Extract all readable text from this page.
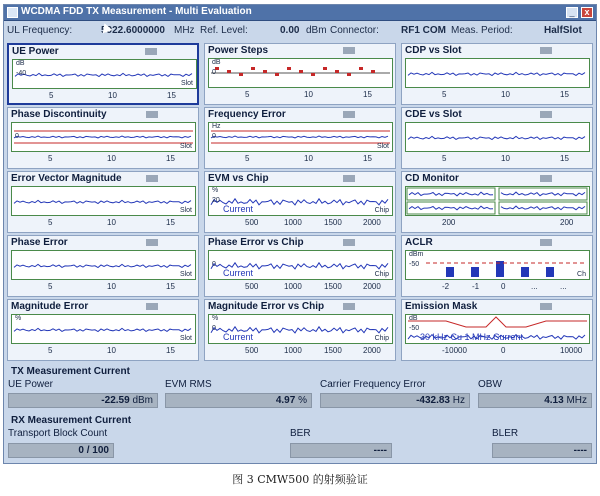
WCDMA FDD TX Measurement - Multi Evaluation	_	x
UL Frequency:	5922.6000000 MHz Ref. Level:	0.00 dBm Connector: RF1 COM Meas. Period:	HalfSlot
UE Power
dB
-40
Slot
5	10	15
Power Steps
dB
0
5	10	15
CDP vs Slot
5	10	15
Phase Discontinuity
0
Slot
5	10	15
Frequency Error
Hz
0
Slot
5	10	15
CDE vs Slot
5	10	15
Error Vector Magnitude
Slot
5	10	15
EVM vs Chip
%
20
Current	Chip
500	1000	1500	2000
CD Monitor
200	200
Phase Error
Slot
5	10	15
Phase Error vs Chip
0
Current	Chip
500	1000	1500	2000
ACLR
dBm
-50
Ch
-2	-1	0	...	...
Magnitude Error
%
Slot
5	10	15
Magnitude Error vs Chip
%
0
Current	Chip
500	1000	1500	2000
Emission Mask
dB
-50
30 kHz Cu 1 MHz Current
-10000	0	10000
TX Measurement Current
UE Power
-22.59 dBm
EVM RMS
4.97 %
Carrier Frequency Error
-432.83 Hz
OBW
4.13 MHz
RX Measurement Current
Transport Block Count
0 / 100
BER
----
BLER
----
图 3 CMW500 的射频验证
